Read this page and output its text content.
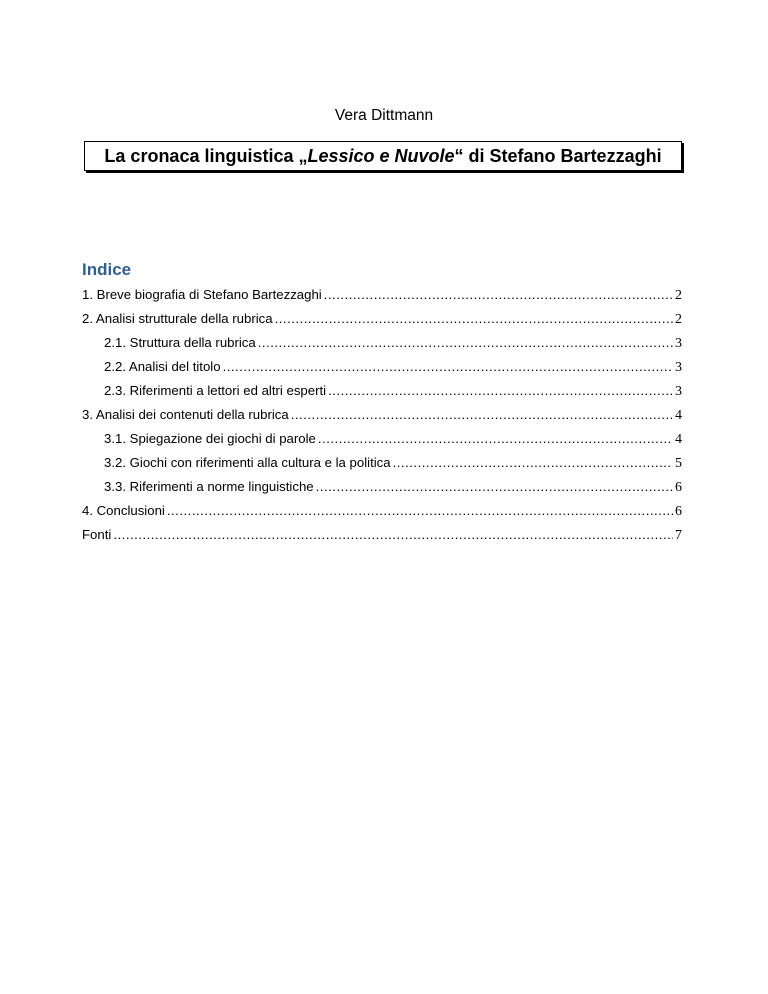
Vera Dittmann
La cronaca linguistica „ Lessico e Nuvole “ di Stefano Bartezzaghi
Indice
1. Breve biografia di Stefano Bartezzaghi .....	2
2. Analisi strutturale della rubrica .....	2
2.1. Struttura della rubrica .....	3
2.2. Analisi del titolo .....	3
2.3. Riferimenti a lettori ed altri esperti .....	3
3. Analisi dei contenuti della rubrica .....	4
3.1. Spiegazione dei giochi di parole .....	4
3.2. Giochi con riferimenti alla cultura e la politica .....	5
3.3. Riferimenti a norme linguistiche .....	6
4. Conclusioni .....	6
Fonti .....	7
